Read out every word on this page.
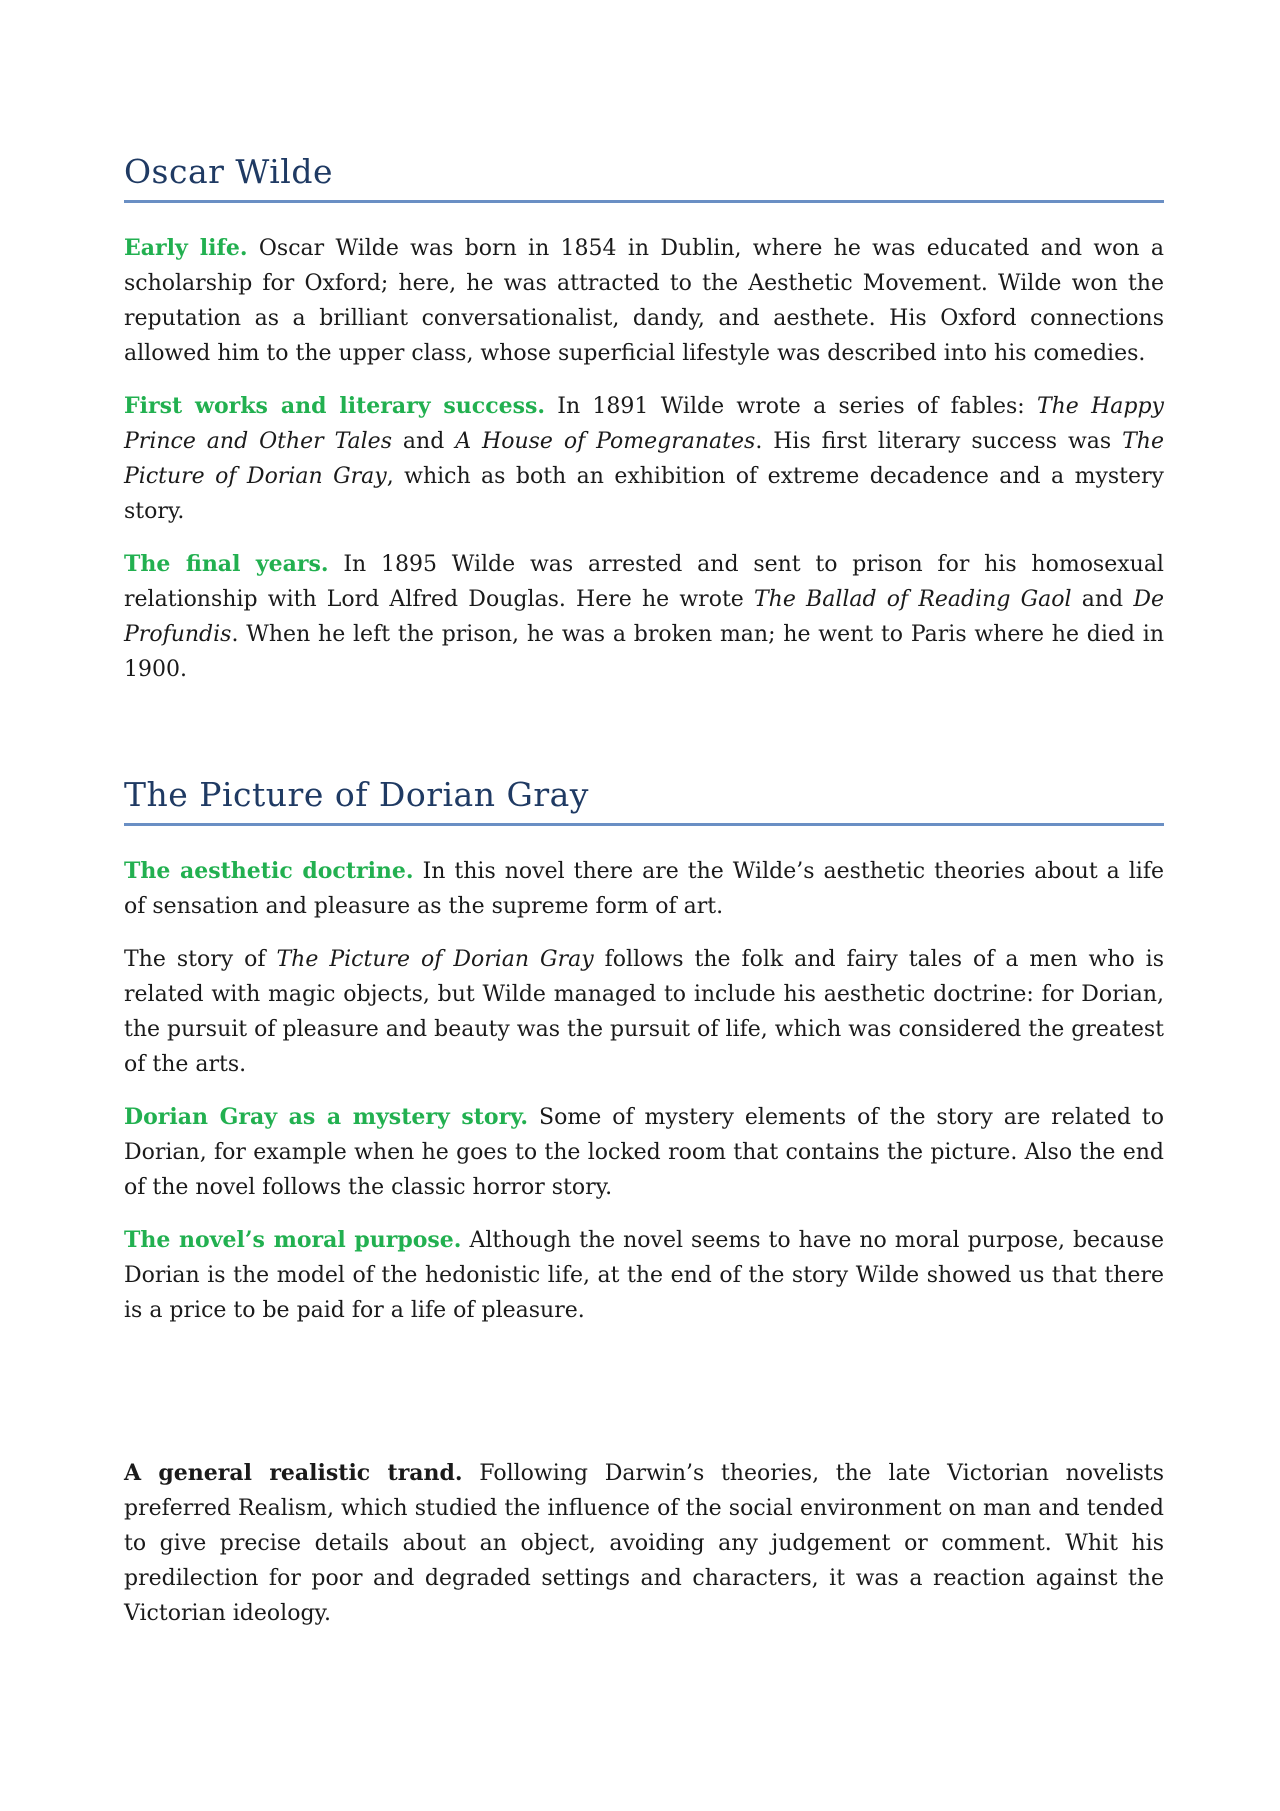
Oscar Wilde

Early life. Oscar Wilde was born in 1854 in Dublin, where he was educated and won a scholarship for Oxford; here, he was attracted to the Aesthetic Movement. Wilde won the reputation as a brilliant conversationalist, dandy, and aesthete. His Oxford connections allowed him to the upper class, whose superficial lifestyle was described into his comedies.

First works and literary success. In 1891 Wilde wrote a series of fables: The Happy Prince and Other Tales and A House of Pomegranates. His first literary success was The Picture of Dorian Gray, which as both an exhibition of extreme decadence and a mystery story.

The final years. In 1895 Wilde was arrested and sent to prison for his homosexual relationship with Lord Alfred Douglas. Here he wrote The Ballad of Reading Gaol and De Profundis. When he left the prison, he was a broken man; he went to Paris where he died in 1900.

The Picture of Dorian Gray

The aesthetic doctrine. In this novel there are the Wilde’s aesthetic theories about a life of sensation and pleasure as the supreme form of art.

The story of The Picture of Dorian Gray follows the folk and fairy tales of a men who is related with magic objects, but Wilde managed to include his aesthetic doctrine: for Dorian, the pursuit of pleasure and beauty was the pursuit of life, which was considered the greatest of the arts.

Dorian Gray as a mystery story. Some of mystery elements of the story are related to Dorian, for example when he goes to the locked room that contains the picture. Also the end of the novel follows the classic horror story.

The novel’s moral purpose. Although the novel seems to have no moral purpose, because Dorian is the model of the hedonistic life, at the end of the story Wilde showed us that there is a price to be paid for a life of pleasure.

A general realistic trand. Following Darwin’s theories, the late Victorian novelists preferred Realism, which studied the influence of the social environment on man and tended to give precise details about an object, avoiding any judgement or comment. Whit his predilection for poor and degraded settings and characters, it was a reaction against the Victorian ideology.
